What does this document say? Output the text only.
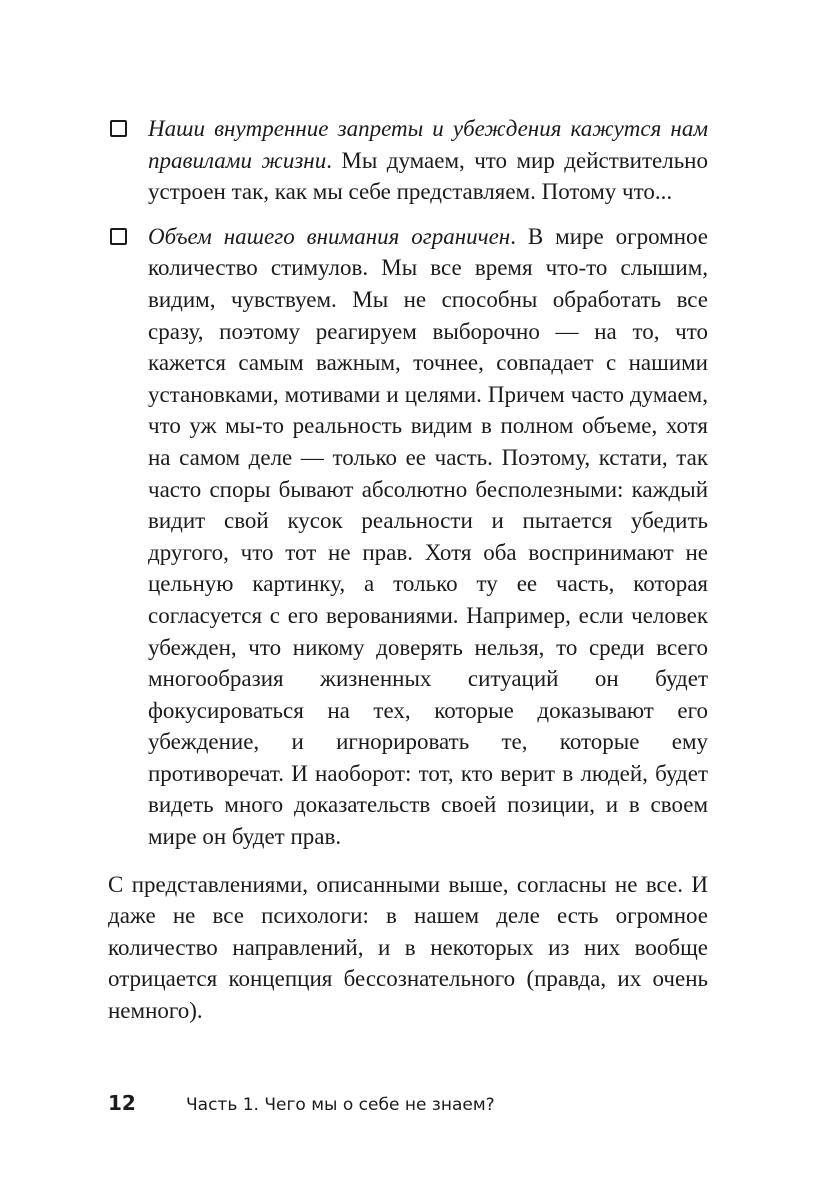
Наши внутренние запреты и убеждения кажутся нам правилами жизни. Мы думаем, что мир действительно устроен так, как мы себе представляем. Потому что...
Объем нашего внимания ограничен. В мире огромное количество стимулов. Мы все время что-то слышим, видим, чувствуем. Мы не способны обработать все сразу, поэтому реагируем выборочно — на то, что кажется самым важным, точнее, совпадает с нашими установками, мотивами и целями. Причем часто думаем, что уж мы-то реальность видим в полном объеме, хотя на самом деле — только ее часть. Поэтому, кстати, так часто споры бывают абсолютно бесполезными: каждый видит свой кусок реальности и пытается убедить другого, что тот не прав. Хотя оба воспринимают не цельную картинку, а только ту ее часть, которая согласуется с его верованиями. Например, если человек убежден, что никому доверять нельзя, то среди всего многообразия жизненных ситуаций он будет фокусироваться на тех, которые доказывают его убеждение, и игнорировать те, которые ему противоречат. И наоборот: тот, кто верит в людей, будет видеть много доказательств своей позиции, и в своем мире он будет прав.

С представлениями, описанными выше, согласны не все. И даже не все психологи: в нашем деле есть огромное количество направлений, и в некоторых из них вообще отрицается концепция бессознательного (правда, их очень немного).

12	Часть 1. Чего мы о себе не знаем?
